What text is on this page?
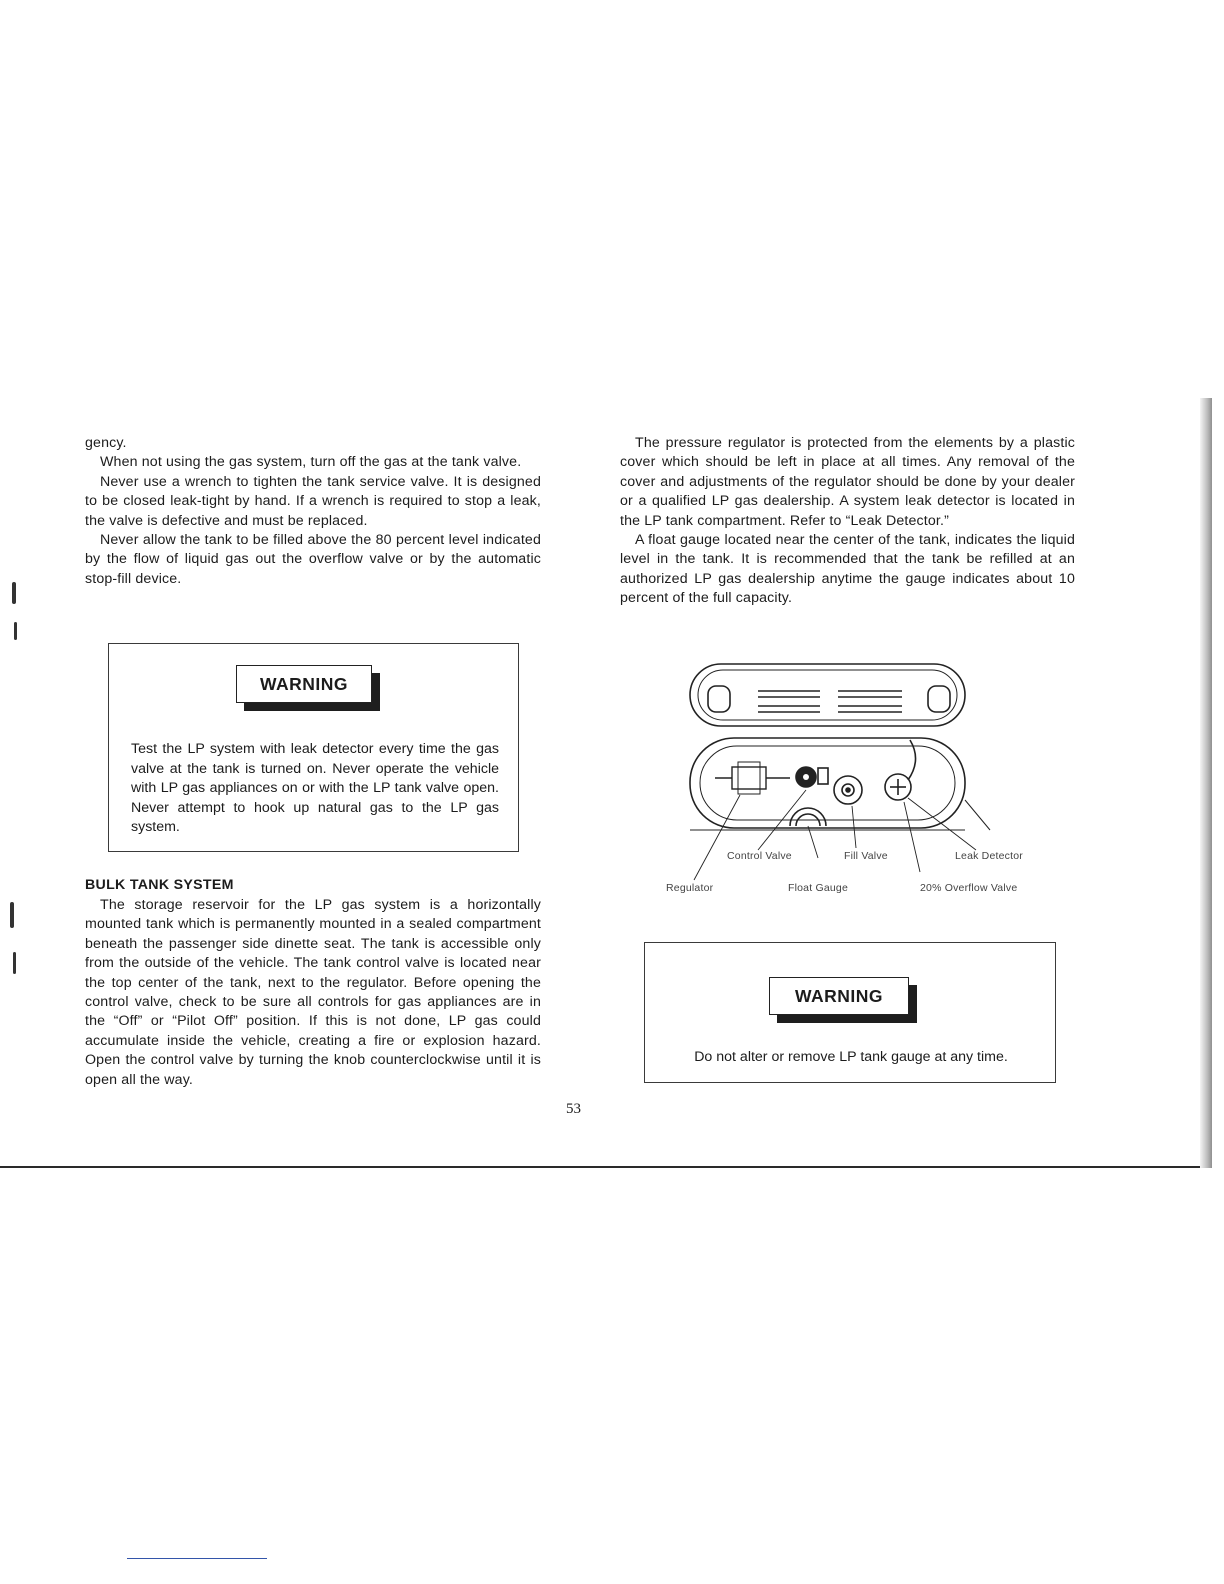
gency.

When not using the gas system, turn off the gas at the tank valve.

Never use a wrench to tighten the tank service valve. It is designed to be closed leak-tight by hand. If a wrench is required to stop a leak, the valve is defective and must be replaced.

Never allow the tank to be filled above the 80 percent level indicated by the flow of liquid gas out the overflow valve or by the automatic stop-fill device.

WARNING
Test the LP system with leak detector every time the gas valve at the tank is turned on. Never operate the vehicle with LP gas appliances on or with the LP tank valve open. Never attempt to hook up natural gas to the LP gas system.
BULK TANK SYSTEM

The storage reservoir for the LP gas system is a horizontally mounted tank which is permanently mounted in a sealed compartment beneath the passenger side dinette seat. The tank is accessible only from the outside of the vehicle. The tank control valve is located near the top center of the tank, next to the regulator. Before opening the control valve, check to be sure all controls for gas appliances are in the “Off” or “Pilot Off” position. If this is not done, LP gas could accumulate inside the vehicle, creating a fire or explosion hazard. Open the control valve by turning the knob counterclockwise until it is open all the way.

The pressure regulator is protected from the elements by a plastic cover which should be left in place at all times. Any removal of the cover and adjustments of the regulator should be done by your dealer or a qualified LP gas dealership. A system leak detector is located in the LP tank compartment. Refer to “Leak Detector.”

A float gauge located near the center of the tank, indicates the liquid level in the tank. It is recommended that the tank be refilled at an authorized LP gas dealership anytime the gauge indicates about 10 percent of the full capacity.

Control Valve	Fill Valve	Leak Detector
Regulator	Float Gauge	20% Overflow Valve
WARNING
Do not alter or remove LP tank gauge at any time.
53
